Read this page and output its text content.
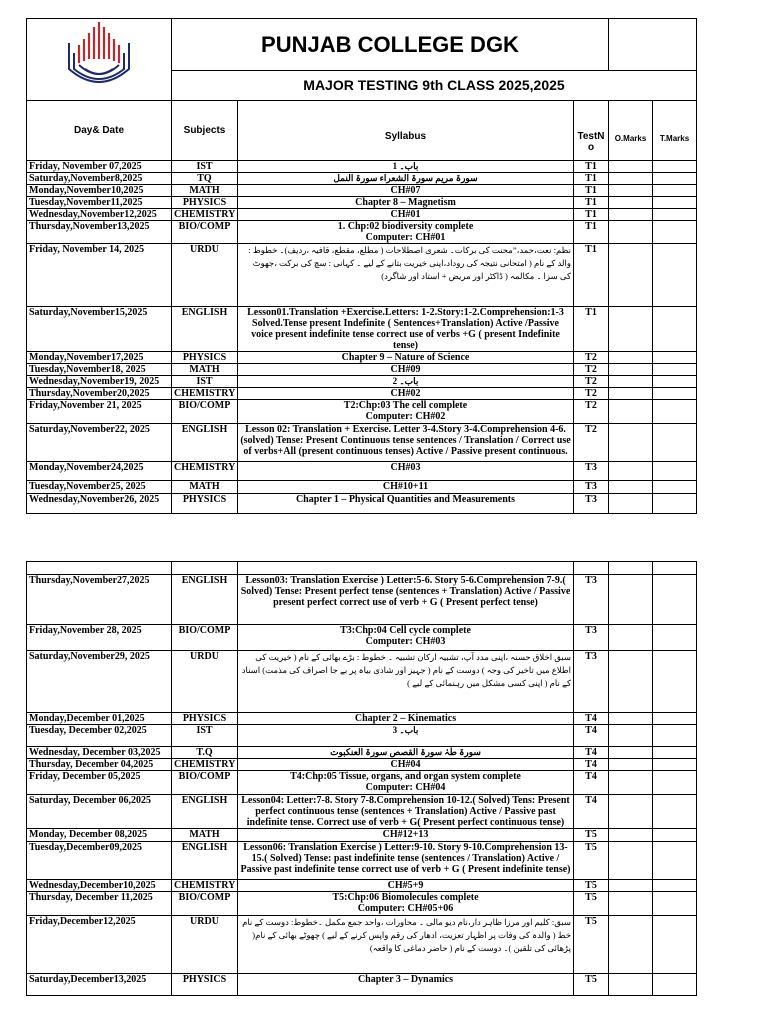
	PUNJAB COLLEGE DGK				
	MAJOR TESTING 9th CLASS 2025,2025				
Day& Date	Subjects	Syllabus	TestNo	O.Marks	T.Marks
Friday, November 07,2025	IST	باب۔ 1	T1		
Saturday,November8,2025	TQ	سورۃ مریم سورۃ الشعراء سورۃ النمل	T1		
Monday,November10,2025	MATH	CH#07	T1		
Tuesday,November11,2025	PHYSICS	Chapter 8 – Magnetism	T1		
Wednesday,November12,2025	CHEMISTRY	CH#01	T1		
Thursday,November13,2025	BIO/COMP	1. Chp:02 biodiversity complete
Computer: CH#01	T1		
Friday, November 14, 2025	URDU	نظم: نعت،حمد،”محنت کی برکات۔ شعری اصطلاحات ( مطلع، مقطع، قافیہ ،ردیف)۔ خطوط : والد کے نام ( امتحانی نتیجہ کی روداد،اپنی خیریت بتانے کے لیے ۔ کہانی : سچ کی برکت ،جھوٹ کی سزا ۔ مکالمہ ( ڈاکٹر اور مریض + استاد اور شاگرد)	T1		
Saturday,November15,2025	ENGLISH	Lesson01.Translation +Exercise.Letters: 1-2.Story:1-2.Comprehension:1-3 Solved.Tense present Indefinite ( Sentences+Translation) Active /Passive voice present indefinite tense correct use of verbs +G ( present Indefinite tense)	T1		
Monday,November17,2025	PHYSICS	Chapter 9 – Nature of Science	T2		
Tuesday,November18, 2025	MATH	CH#09	T2		
Wednesday,November19, 2025	IST	باب۔ 2	T2		
Thursday,November20,2025	CHEMISTRY	CH#02	T2		
Friday,November 21, 2025	BIO/COMP	T2:Chp:03 The cell complete
Computer: CH#02	T2		
Saturday,November22, 2025	ENGLISH	Lesson 02: Translation + Exercise. Letter 3-4.Story 3-4.Comprehension 4-6.(solved) Tense: Present Continuous tense sentences / Translation / Correct use of verbs+All (present continuous tenses) Active / Passive present continuous.	T2		
Monday,November24,2025	CHEMISTRY	CH#03	T3		
Tuesday,November25, 2025	MATH	CH#10+11	T3		
Wednesday,November26, 2025	PHYSICS	Chapter 1 – Physical Quantities and Measurements	T3		

Thursday,November27,2025	ENGLISH	Lesson03: Translation Exercise ) Letter:5-6. Story 5-6.Comprehension 7-9.( Solved) Tense: Present perfect tense (sentences + Translation) Active / Passive present perfect correct use of verb + G ( Present perfect tense)	T3		
Friday,November 28, 2025	BIO/COMP	T3:Chp:04 Cell cycle complete
Computer: CH#03	T3		
Saturday,November29, 2025	URDU	سبق اخلاق حسنہ ،اپنی مدد آپ، تشبیہ ارکان تشبیہ ۔ خطوط : بڑے بھائی کے نام ( خیریت کی اطلاع میں تاخیر کی وجہ ) دوست کے نام ( جہیز اور شادی بیاہ پر بے جا اصراف کی مذمت) اسناد کے نام ( اپنی کسی مشکل میں رہنمائی کے لیے )	T3		
Monday,December 01,2025	PHYSICS	Chapter 2 – Kinematics	T4		
Tuesday, December 02,2025	IST	باب۔ 3	T4		
Wednesday, December 03,2025	T.Q	سورۃ طٰہٰ سورۃ القصص سورۃ العنکبوت	T4		
Thursday, December 04,2025	CHEMISTRY	CH#04	T4		
Friday, December 05,2025	BIO/COMP	T4:Chp:05 Tissue, organs, and organ system complete
Computer: CH#04	T4		
Saturday, December 06,2025	ENGLISH	Lesson04: Letter:7-8. Story 7-8.Comprehension 10-12.( Solved) Tens: Present perfect continuous tense (sentences + Translation) Active / Passive past indefinite tense. Correct use of verb + G( Present perfect continuous tense)	T4		
Monday, December 08,2025	MATH	CH#12+13	T5		
Tuesday,December09,2025	ENGLISH	Lesson06: Translation Exercise ) Letter:9-10. Story 9-10.Comprehension 13-15.( Solved) Tense: past indefinite tense (sentences / Translation) Active / Passive past indefinite tense correct use of verb + G ( Present indefinite tense)	T5		
Wednesday,December10,2025	CHEMISTRY	CH#5+9	T5		
Thursday, December 11,2025	BIO/COMP	T5:Chp:06 Biomolecules complete
Computer: CH#05+06	T5		
Friday,December12,2025	URDU	سبق: کلیم اور مرزا ظاہر دار،نام دیو مالی ۔ محاورات ،واحد جمع مکمل ۔خطوط: دوست کے نام خط ( والدہ کی وفات پر اظہار تعزیت، ادھار کی رقم واپس کرنے کے لیے ) چھوٹے بھائی کے نام( پڑھائی کی تلقین )۔ دوست کے نام ( حاضر دماغی کا واقعہ)	T5		
Saturday,December13,2025	PHYSICS	Chapter 3 – Dynamics	T5		
